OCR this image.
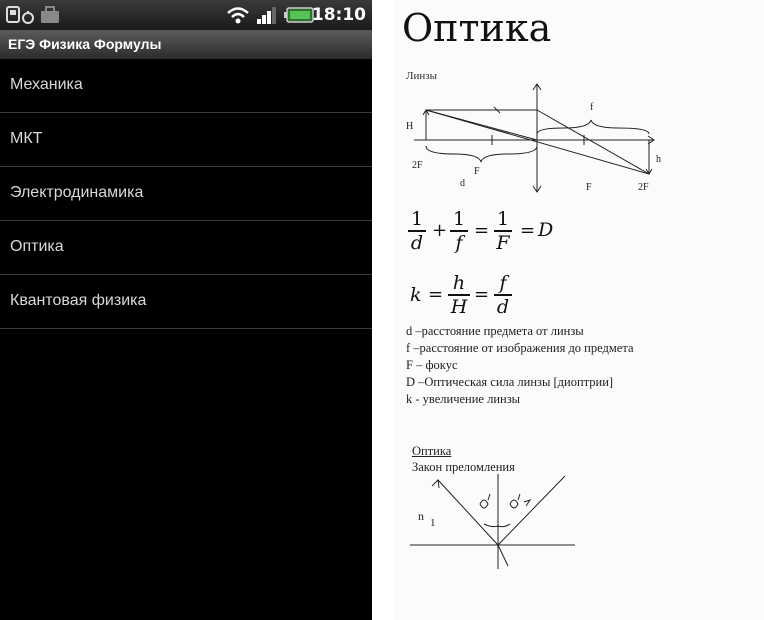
18:10
ЕГЭ Физика Формулы
Механика
МКТ
Электродинамика
Оптика
Квантовая физика
Оптика
Линзы
H
2F
F
d
f
F	2F
h
1
d
+
1
f
=
1
F
= D
k =
h
H
=
f
d
d –расстояние предмета от линзы
f –расстояние от изображения до предмета
F – фокус
D –Оптическая сила линзы [диоптрии]
k - увеличение линзы
Оптика
Закон преломления
n 1
